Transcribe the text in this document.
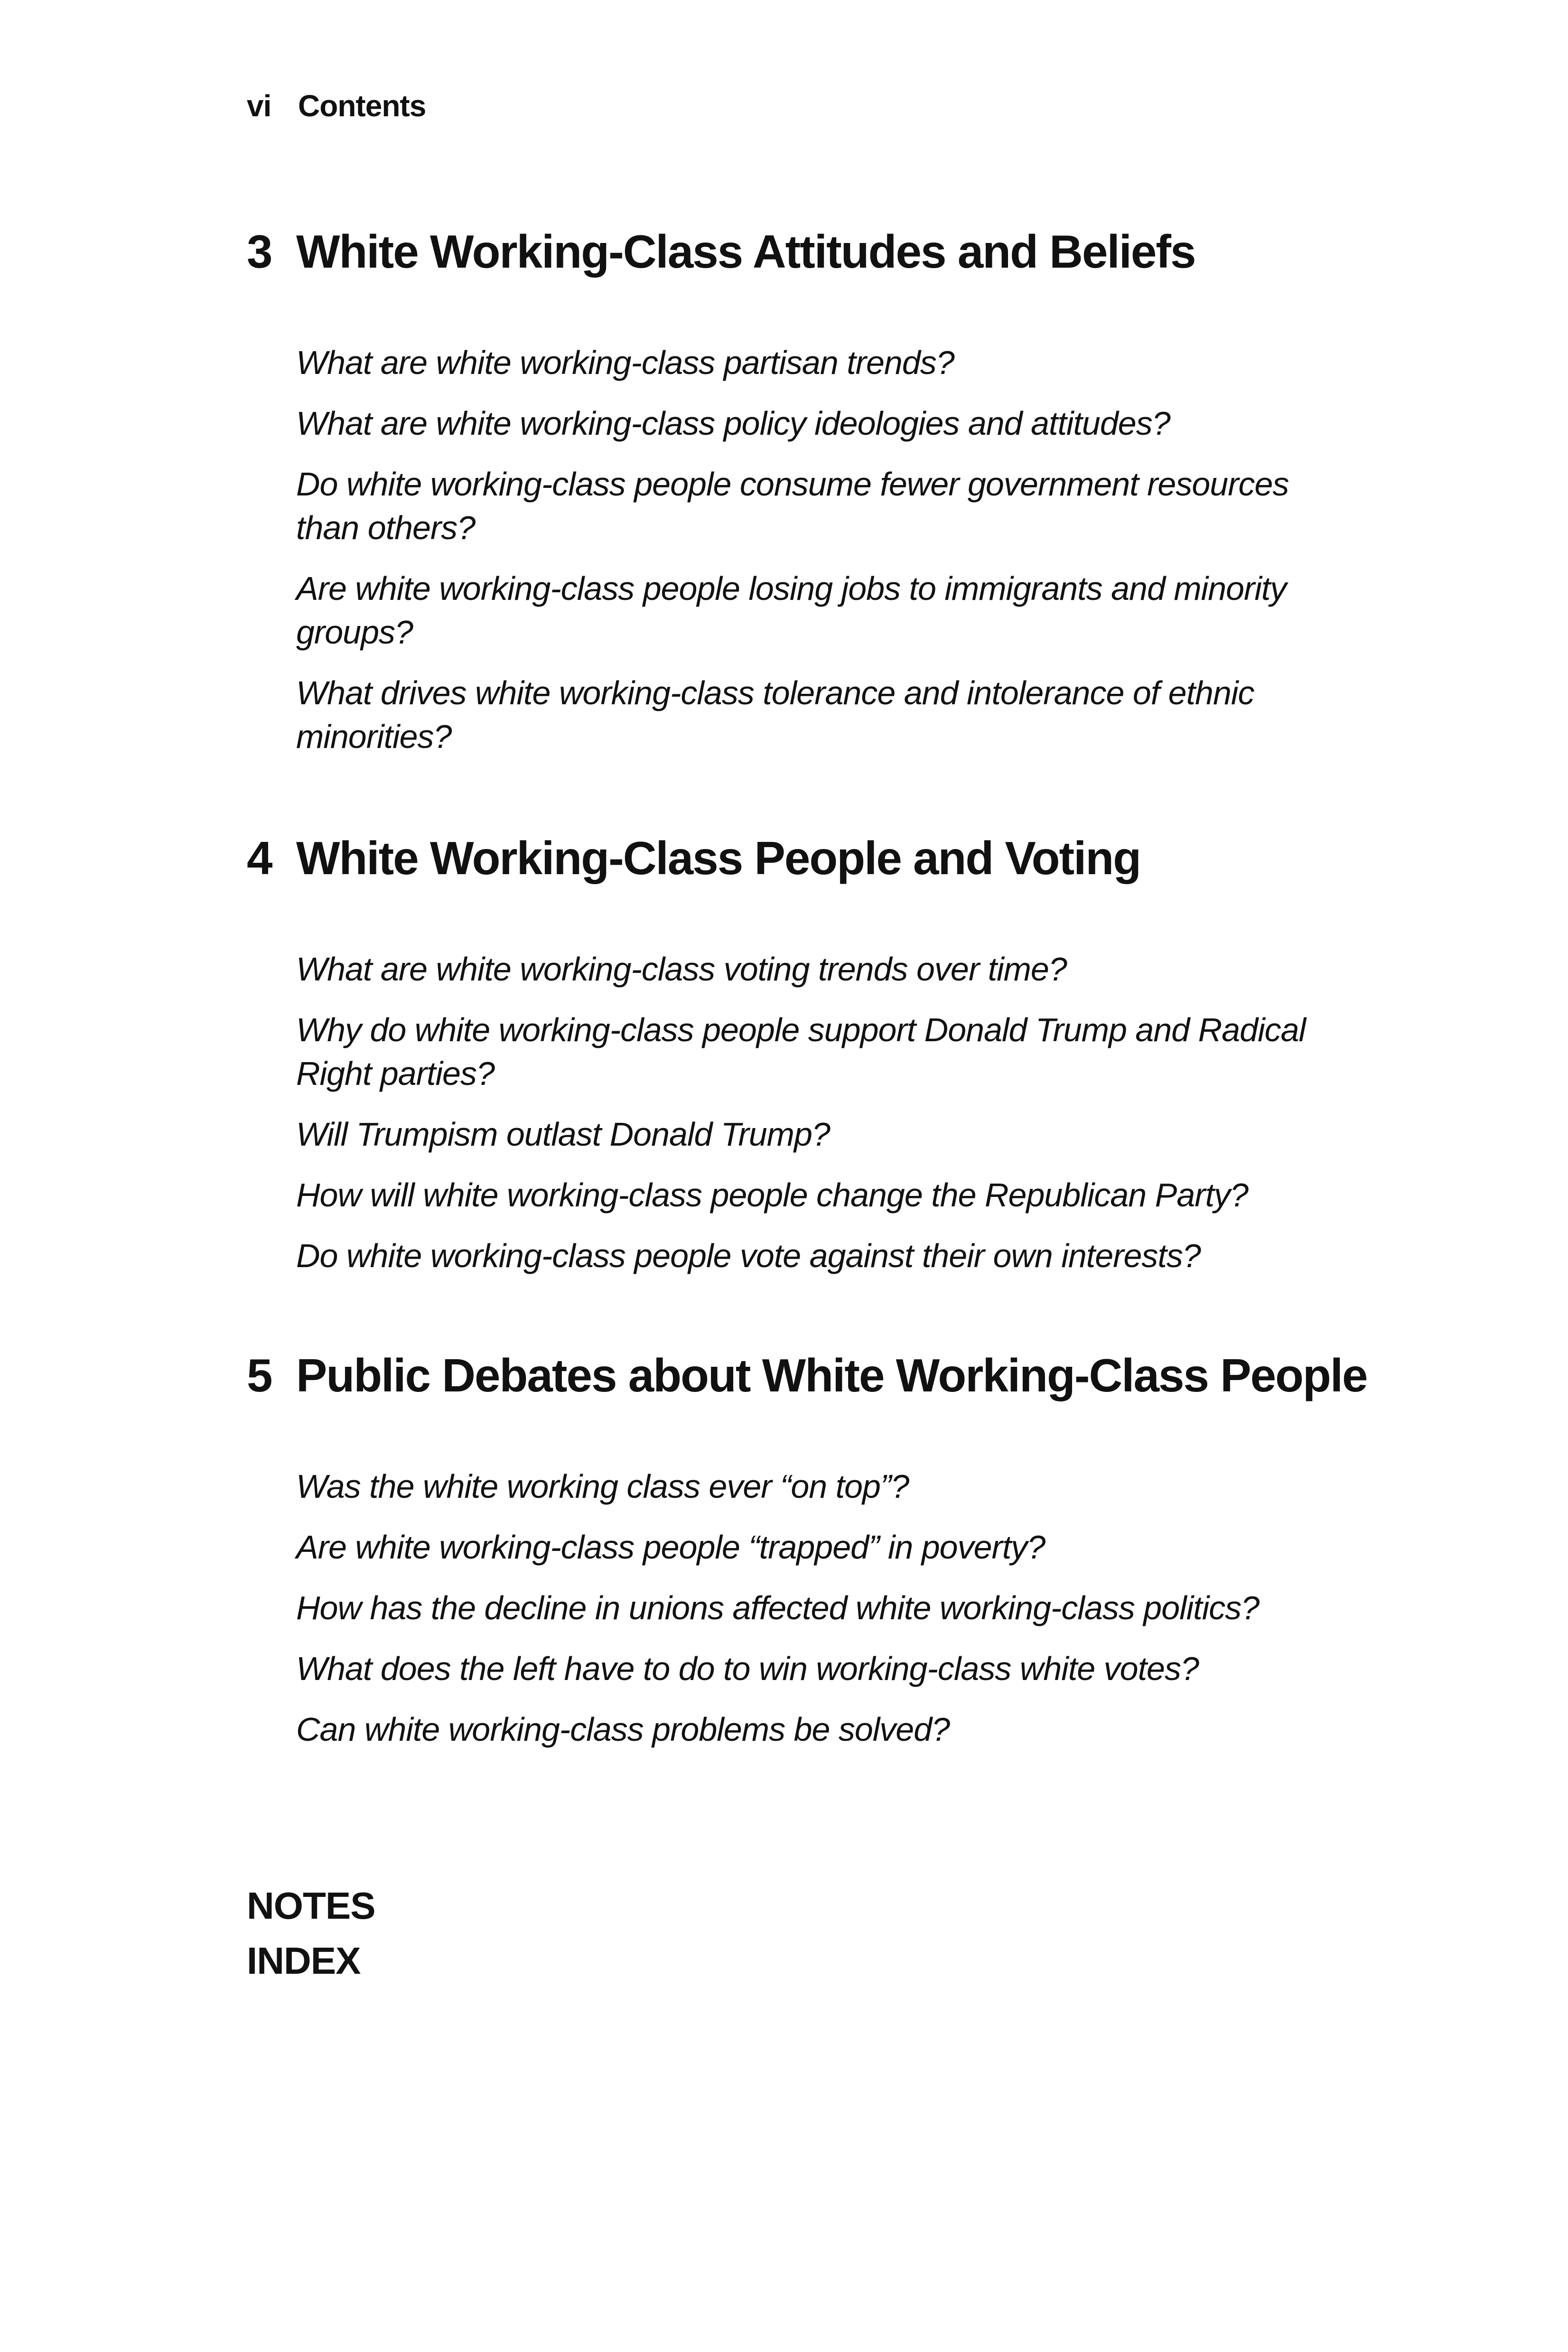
vi Contents
3 White Working-Class Attitudes and Beliefs
What are white working-class partisan trends?
What are white working-class policy ideologies and attitudes?
Do white working-class people consume fewer government resources than others?
Are white working-class people losing jobs to immigrants and minority groups?
What drives white working-class tolerance and intolerance of ethnic minorities?
4 White Working-Class People and Voting
What are white working-class voting trends over time?
Why do white working-class people support Donald Trump and Radical Right parties?
Will Trumpism outlast Donald Trump?
How will white working-class people change the Republican Party?
Do white working-class people vote against their own interests?
5 Public Debates about White Working-Class People
Was the white working class ever “on top”?
Are white working-class people “trapped” in poverty?
How has the decline in unions affected white working-class politics?
What does the left have to do to win working-class white votes?
Can white working-class problems be solved?
NOTES
INDEX
